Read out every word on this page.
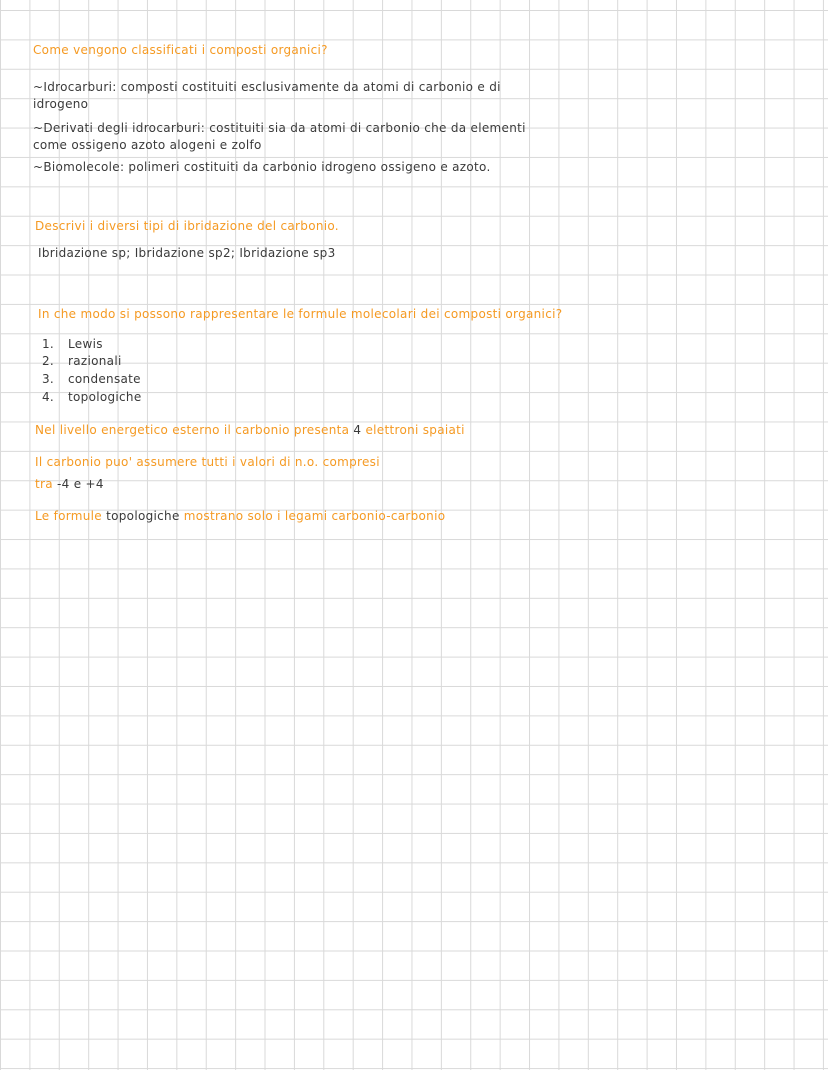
Come vengono classificati i composti organici?
~Idrocarburi: composti costituiti esclusivamente da atomi di carbonio e di
idrogeno
~Derivati degli idrocarburi: costituiti sia da atomi di carbonio che da elementi
come ossigeno azoto alogeni e zolfo
~Biomolecole: polimeri costituiti da carbonio idrogeno ossigeno e azoto.
Descrivi i diversi tipi di ibridazione del carbonio.
Ibridazione sp; Ibridazione sp2; Ibridazione sp3
In che modo si possono rappresentare le formule molecolari dei composti organici?
1. Lewis
2. razionali
3. condensate
4. topologiche
Nel livello energetico esterno il carbonio presenta 4 elettroni spaiati
Il carbonio puo' assumere tutti i valori di n.o. compresi
tra -4 e +4
Le formule topologiche mostrano solo i legami carbonio-carbonio
